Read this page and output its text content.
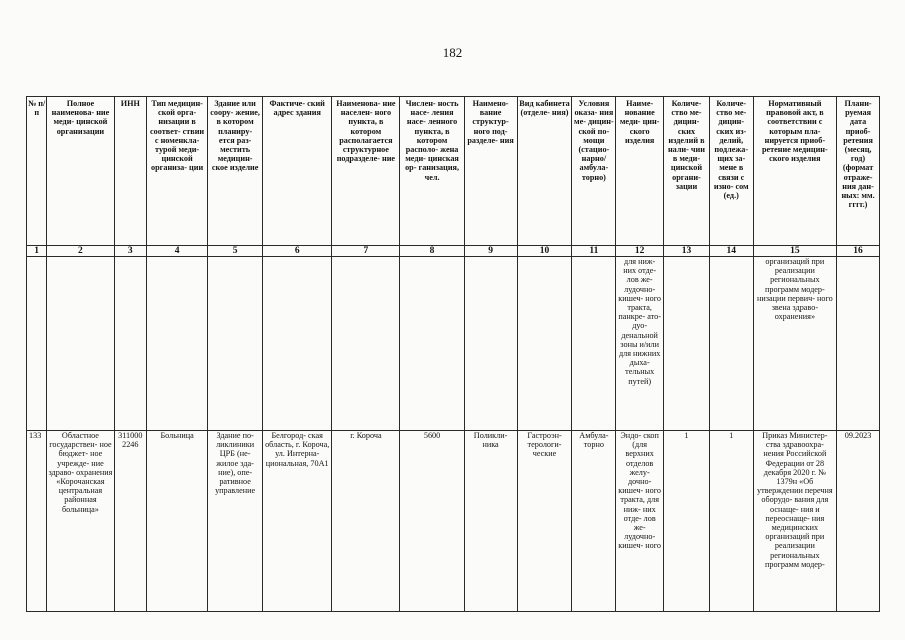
182
№ п/п	Полное наименова- ние меди- цинской организации	ИНН	Тип медицин- ской орга- низации в соответ- ствии с номенкла- турой меди- цинской организа- ции	Здание или соору- жение, в котором планиру- ется раз- местить медицин- ское изделие	Фактиче- ский адрес здания	Наименова- ние населен- ного пункта, в котором располагается структурное подразделе- ние	Числен- ность насе- ления насе- ленного пункта, в котором располо- жена меди- цинская ор- ганизация, чел.	Наимено- вание структур- ного под- разделе- ния	Вид кабинета (отделе- ния)	Условия оказа- ния ме- дицин- ской по- мощи (стацио- нарно/ амбула- торно)	Наиме- нование меди- цин- ского изделия	Количе- ство ме- дицин- ских изделий в нали- чии в меди- цинской органи- зации	Количе- ство ме- дицин- ских из- делий, подлежа- щих за- мене в связи с изно- сом (ед.)	Нормативный правовой акт, в соответствии с которым пла- нируется приоб- ретение медицин- ского изделия	Плани- руемая дата приоб- ретения (месяц, год) (формат отраже- ния дан- ных: мм. гггг.)
1	2	3	4	5	6	7	8	9	10	11	12	13	14	15	16
											для ниж- них отде- лов же- лудочно- кишеч- ного тракта, панкре- ато-дуо- денальной зоны и/или для нижних дыха- тельных путей)			организаций при реализации региональных программ модер- низации первич- ного звена здраво- охранения»	
133	Областное государствен- ное бюджет- ное учрежде- ние здраво- охранения «Корочанская центральная районная больница»	311000 2246	Больница	Здание по- ликлиники ЦРБ (не- жилое зда- ние), опе- ративное управление	Белгород- ская область, г. Короча, ул. Интерна- циональная, 70А1	г. Короча	5600	Поликли- ника	Гастроэн- терологи- ческие	Амбула- торно	Эндо- скоп (для верхних отделов желу- дочно- кишеч- ного тракта, для ниж- них отде- лов же- лудочно- кишеч- ного	1	1	Приказ Министер- ства здравоохра- нения Российской Федерации от 28 декабря 2020 г. № 1379н «Об утверждении перечня оборудо- вания для оснаще- ния и переоснаще- ния медицинских организаций при реализации региональных программ модер-	09.2023
